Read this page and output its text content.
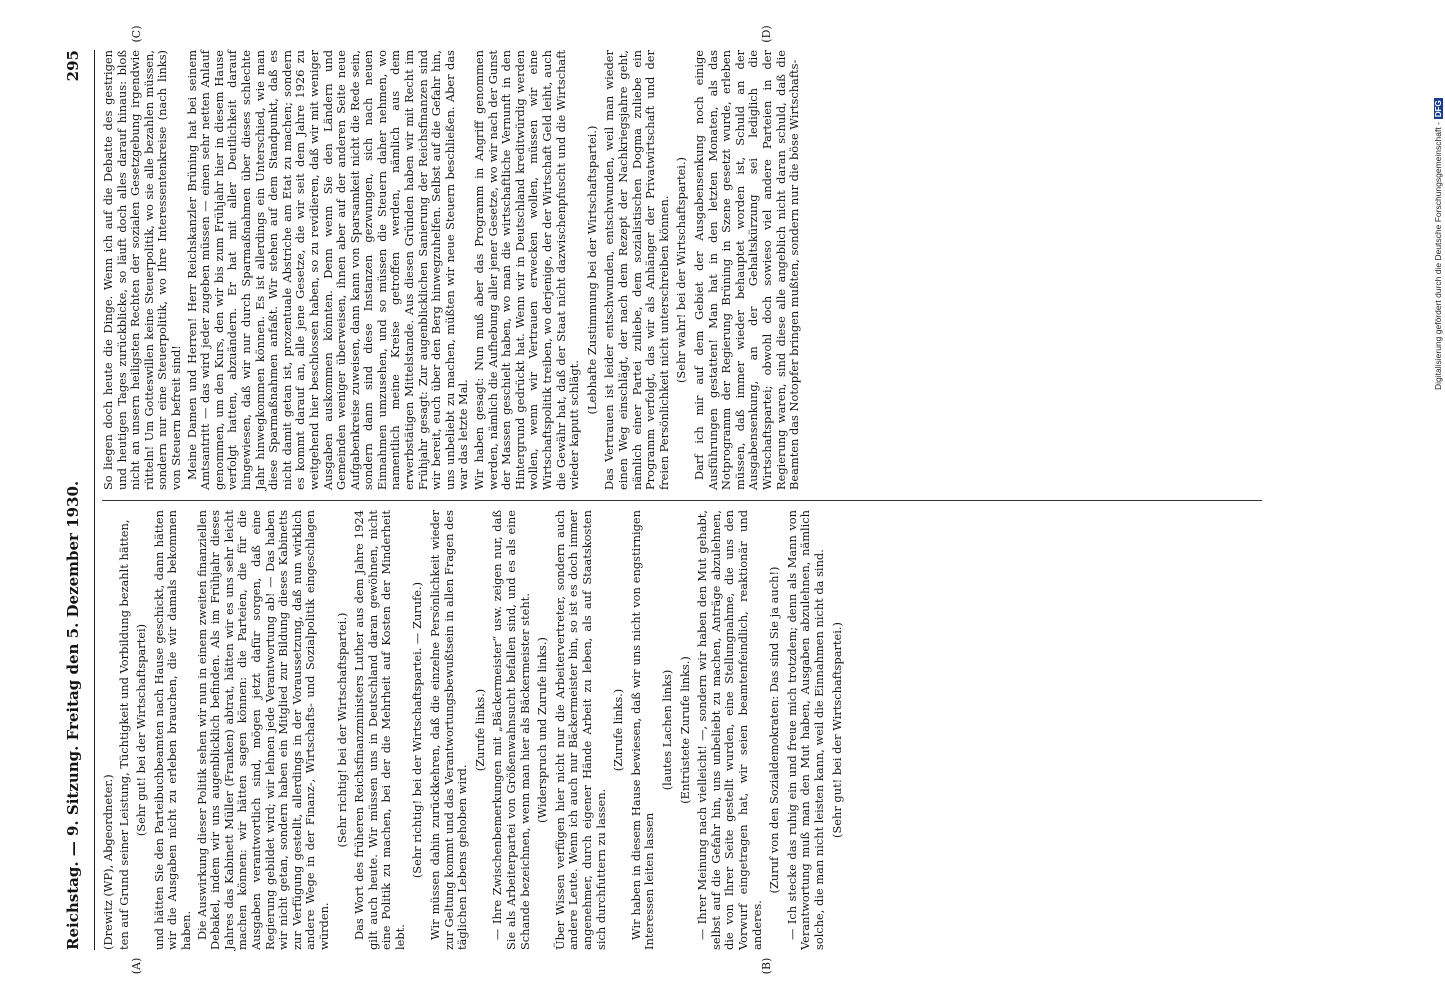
Reichstag. — 9. Sitzung. Freitag den 5. Dezember 1930.
295

(Drewitz (WP), Abgeordneter.) ten auf Grund seiner Leistung, Tüchtigkeit und Vorbildung bezahlt hätten, (Sehr gut! bei der Wirtschaftspartei) und hätten Sie den Parteibuchbeamten nach Hause geschickt, dann hätten wir die Ausgaben nicht zu erleben brauchen, die wir damals bekommen haben. Die Auswirkung dieser Politik sehen wir nun in einem zweiten finanziellen Debakel, indem wir uns augenblicklich befinden. Als im Frühjahr dieses Jahres das Kabinett Müller (Franken) abtrat, hätten wir es uns sehr leicht machen können: wir hätten sagen können: die Parteien, die für die Ausgaben verantwortlich sind, mögen jetzt dafür sorgen, daß eine Regierung gebildet wird; wir lehnen jede Verantwortung ab! — Das haben wir nicht getan, sondern haben ein Mitglied zur Bildung dieses Kabinetts zur Verfügung gestellt, allerdings in der Voraussetzung, daß nun wirklich andere Wege in der Finanz-, Wirtschafts- und Sozialpolitik eingeschlagen würden.

(Sehr richtig! bei der Wirtschaftspartei.) Das Wort des früheren Reichsfinanzministers Luther aus dem Jahre 1924 gilt auch heute. Wir müssen uns in Deutschland daran gewöhnen, nicht eine Politik zu machen, bei der die Mehrheit auf Kosten der Minderheit lebt.

(Sehr richtig! bei der Wirtschaftspartei. — Zurufe.) Wir müssen dahin zurückkehren, daß die einzelne Persönlichkeit wieder zur Geltung kommt und das Verantwortungsbewußtsein in allen Fragen des täglichen Lebens gehoben wird.

(Zurufe links.) — Ihre Zwischenbemerkungen mit „Bäckermeister“ usw. zeigen nur, daß Sie als Arbeiterpartei von Größenwahnsucht befallen sind, und es als eine Schande bezeichnen, wenn man hier als Bäckermeister steht. (Widerspruch und Zurufe links.) Über Wissen verfügen hier nicht nur die Arbeitervertreter, sondern auch andere Leute. Wenn ich auch nur Bäckermeister bin, so ist es doch immer angenehmer, durch eigener Hände Arbeit zu leben, als auf Staatskosten sich durchfuttern zu lassen.

(Zurufe links.) Wir haben in diesem Hause bewiesen, daß wir uns nicht von engstirnigen Interessen leiten lassen

(lautes Lachen links) (Entrüstete Zurufe links.) — Ihrer Meinung nach vielleicht! —, sondern wir haben den Mut gehabt, selbst auf die Gefahr hin, uns unbeliebt zu machen, Anträge abzulehnen, die von Ihrer Seite gestellt wurden, eine Stellungnahme, die uns den Vorwurf eingetragen hat, wir seien beamtenfeindlich, reaktionär und anderes.

(Zuruf von den Sozialdemokraten: Das sind Sie ja auch!) — Ich stecke das ruhig ein und freue mich trotzdem; denn als Mann von Verantwortung muß man den Mut haben, Ausgaben abzulehnen, nämlich solche, die man nicht leisten kann, weil die Einnahmen nicht da sind. (Sehr gut! bei der Wirtschaftspartei.)

So liegen doch heute die Dinge. Wenn ich auf die Debatte des gestrigen und heutigen Tages zurückblicke, so läuft doch alles darauf hinaus: bloß nicht an unsern heiligsten Rechten der sozialen Gesetzgebung irgendwie rütteln! Um Gotteswillen keine Steuerpolitik, wo sie alle bezahlen müssen, sondern nur eine Steuerpolitik, wo Ihre Interessentenkreise (nach links) von Steuern befreit sind! Meine Damen und Herren! Herr Reichskanzler Brüning hat bei seinem Amtsantritt — das wird jeder zugeben müssen — einen sehr netten Anlauf genommen, um den Kurs, den wir bis zum Frühjahr hier in diesem Hause verfolgt hatten, abzuändern. Er hat mit aller Deutlichkeit darauf hingewiesen, daß wir nur durch Sparmaßnahmen über dieses schlechte Jahr hinwegkommen können. Es ist allerdings ein Unterschied, wie man diese Sparmaßnahmen anfaßt. Wir stehen auf dem Standpunkt, daß es nicht damit getan ist, prozentuale Abstriche am Etat zu machen; sondern es kommt darauf an, alle jene Gesetze, die wir seit dem Jahre 1926 zu weitgehend hier beschlossen haben, so zu revidieren, daß wir mit weniger Ausgaben auskommen könnten. Denn wenn Sie den Ländern und Gemeinden weniger überweisen, ihnen aber auf der anderen Seite neue Aufgabenkreise zuweisen, dann kann von Sparsamkeit nicht die Rede sein, sondern dann sind diese Instanzen gezwungen, sich nach neuen Einnahmen umzusehen, und so müssen die Steuern daher nehmen, wo namentlich meine Kreise getroffen werden, nämlich aus dem erwerbstätigen Mittelstande. Aus diesen Gründen haben wir mit Recht im Frühjahr gesagt: Zur augenblicklichen Sanierung der Reichsfinanzen sind wir bereit, euch über den Berg hinwegzuhelfen. Selbst auf die Gefahr hin, uns unbeliebt zu machen, müßten wir neue Steuern beschließen. Aber das war das letzte Mal. Wir haben gesagt: Nun muß aber das Programm in Angriff genommen werden, nämlich die Aufhebung aller jener Gesetze, wo wir nach der Gunst der Massen geschielt haben, wo man die wirtschaftliche Vernunft in den Hintergrund gedrückt hat. Wenn wir in Deutschland kreditwürdig werden wollen, wenn wir Vertrauen erwecken wollen, müssen wir eine Wirtschaftspolitik treiben, wo derjenige, der der Wirtschaft Geld leiht, auch die Gewähr hat, daß der Staat nicht dazwischenpfuscht und die Wirtschaft wieder kaputt schlägt.

(Lebhafte Zustimmung bei der Wirtschaftspartei.) Das Vertrauen ist leider entschwunden, entschwunden, weil man wieder einen Weg einschlägt, der nach dem Rezept der Nachkriegsjahre geht, nämlich einer Partei zuliebe, dem sozialistischen Dogma zuliebe ein Programm verfolgt, das wir als Anhänger der Privatwirtschaft und der freien Persönlichkeit nicht unterschreiben können. (Sehr wahr! bei der Wirtschaftspartei.) Darf ich mir auf dem Gebiet der Ausgabensenkung noch einige Ausführungen gestatten! Man hat in den letzten Monaten, als das Notprogramm der Regierung Brüning in Szene gesetzt wurde, erleben müssen, daß immer wieder behauptet worden ist, Schuld an der Ausgabensenkung, an der Gehaltskürzung sei lediglich die Wirtschaftspartei; obwohl doch sowieso viel andere Parteien in der Regierung waren, sind diese alle angeblich nicht daran schuld, daß die Beamten das Notopfer bringen mußten, sondern nur die böse Wirtschafts-

(A)	(B)
(C)	(D)
Digitalisierung gefördert durch die Deutsche Forschungsgemeinschaft -DFG
